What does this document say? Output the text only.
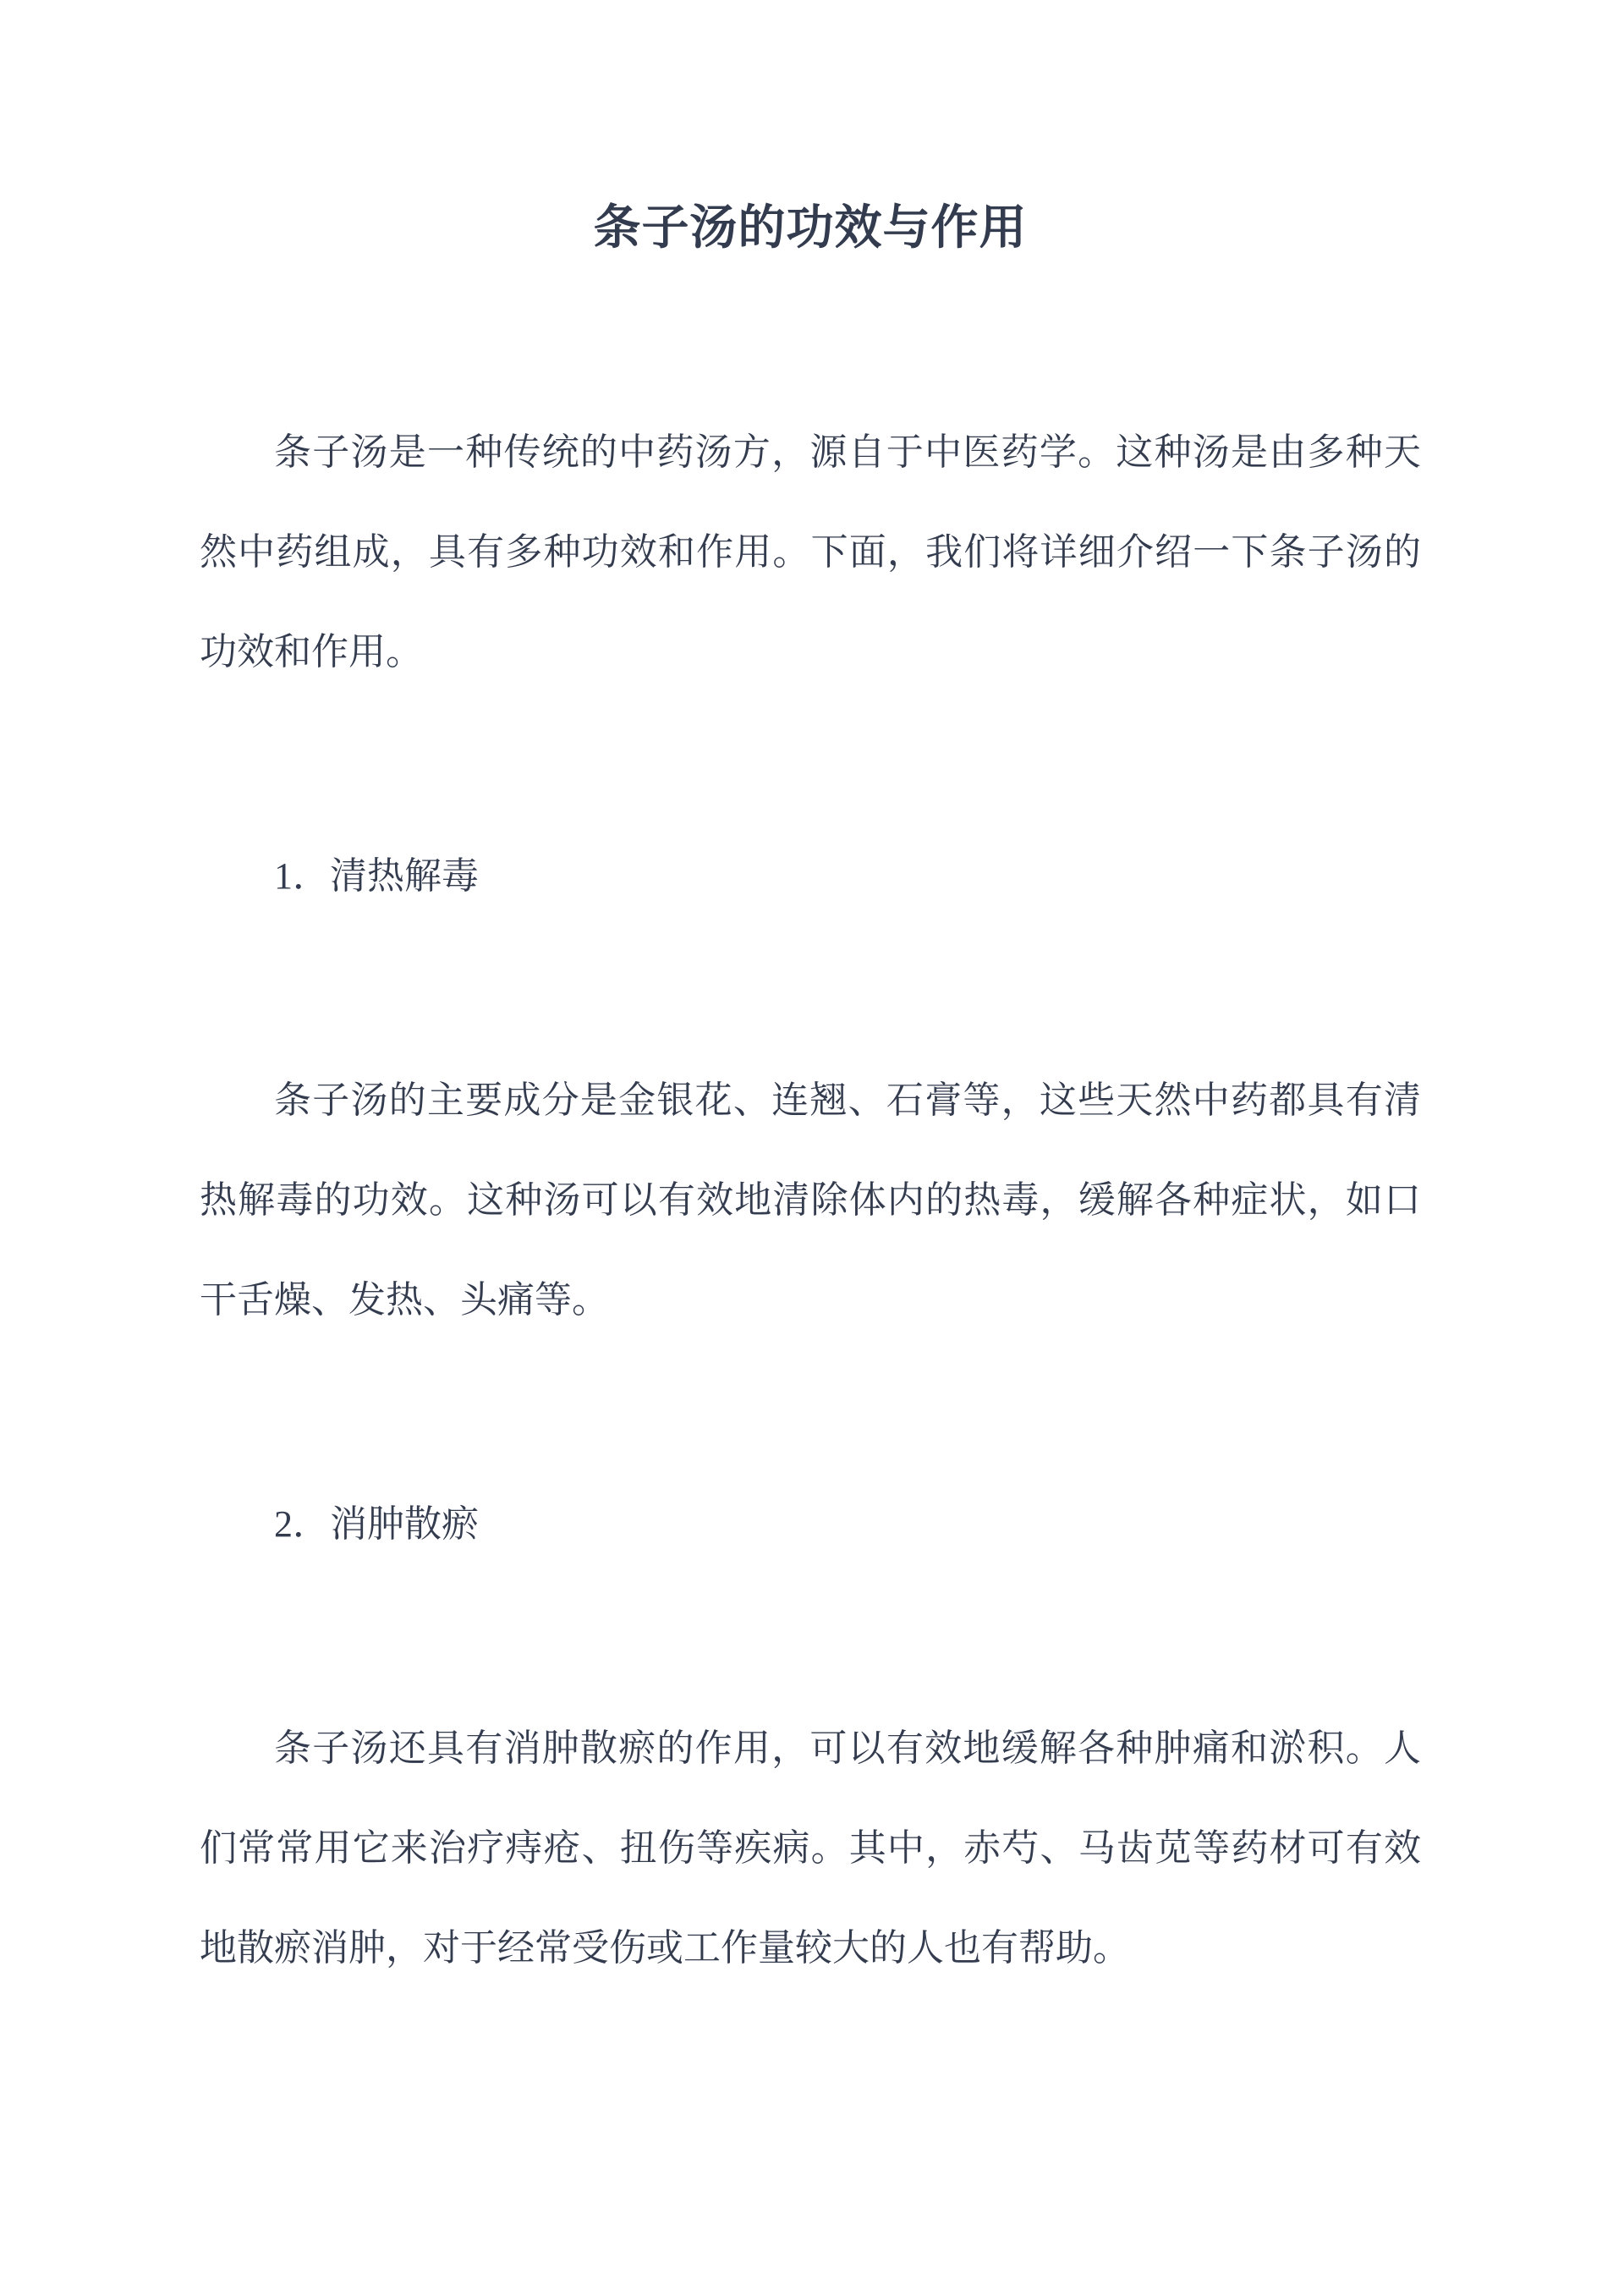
条子汤的功效与作用

条子汤是一种传统的中药汤方，源自于中医药学。这种汤是由多种天然中药组成，具有多种功效和作用。下面，我们将详细介绍一下条子汤的功效和作用。

1．清热解毒

条子汤的主要成分是金银花、连翘、石膏等，这些天然中药都具有清热解毒的功效。这种汤可以有效地清除体内的热毒，缓解各种症状，如口干舌燥、发热、头痛等。

2．消肿散瘀

条子汤还具有消肿散瘀的作用，可以有效地缓解各种肿痛和淤积。人们常常用它来治疗痔疮、扭伤等疾病。其中，赤芍、马齿苋等药材可有效地散瘀消肿，对于经常受伤或工作量较大的人也有帮助。
